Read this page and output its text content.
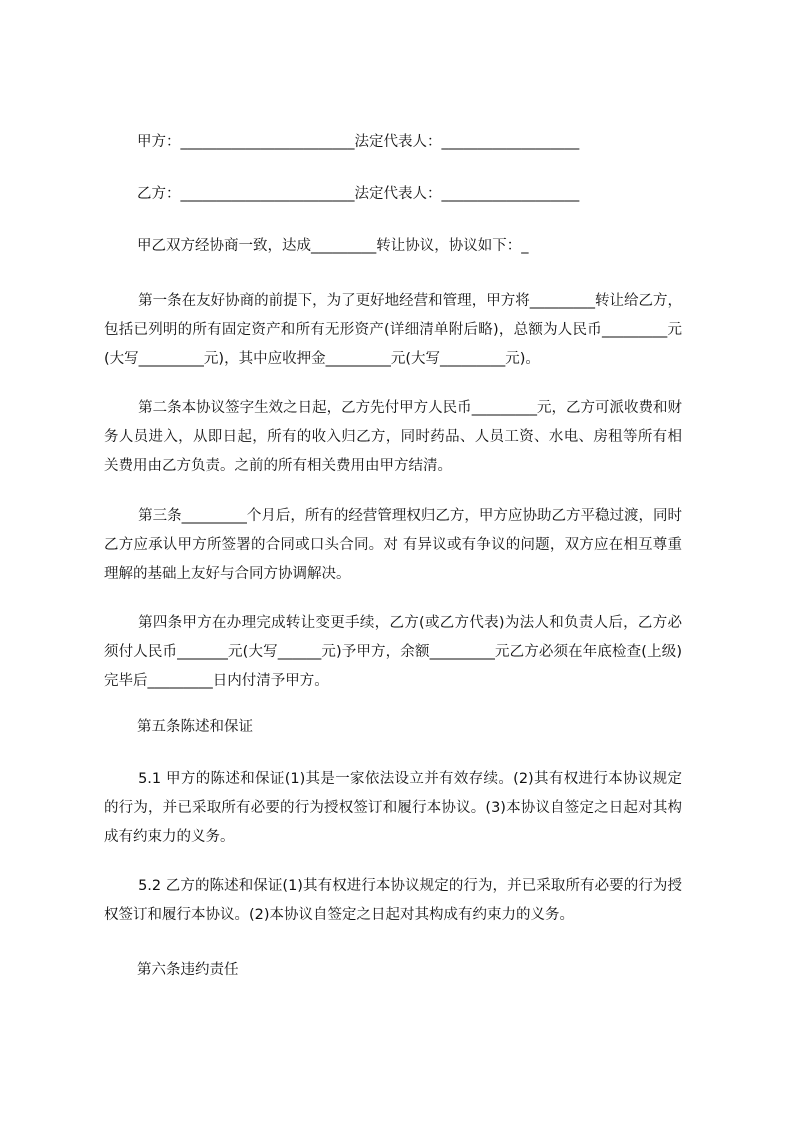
甲方：________________________法定代表人：___________________
乙方：________________________法定代表人：___________________
甲乙双方经协商一致，达成_________转让协议，协议如下：_
第一条在友好协商的前提下，为了更好地经营和管理，甲方将_________转让给乙方，包括已列明的所有固定资产和所有无形资产(详细清单附后略)，总额为人民币_________元(大写_________元)，其中应收押金_________元(大写_________元)。
第二条本协议签字生效之日起，乙方先付甲方人民币_________元，乙方可派收费和财务人员进入，从即日起，所有的收入归乙方，同时药品、人员工资、水电、房租等所有相关费用由乙方负责。之前的所有相关费用由甲方结清。
第三条_________个月后，所有的经营管理权归乙方，甲方应协助乙方平稳过渡，同时乙方应承认甲方所签署的合同或口头合同。对 有异议或有争议的问题，双方应在相互尊重理解的基础上友好与合同方协调解决。
第四条甲方在办理完成转让变更手续，乙方(或乙方代表)为法人和负责人后，乙方必须付人民币_______元(大写______元)予甲方，余额_________元乙方必须在年底检查(上级)完毕后_________日内付清予甲方。
第五条陈述和保证
5.1 甲方的陈述和保证(1)其是一家依法设立并有效存续。(2)其有权进行本协议规定的行为，并已采取所有必要的行为授权签订和履行本协议。(3)本协议自签定之日起对其构成有约束力的义务。
5.2 乙方的陈述和保证(1)其有权进行本协议规定的行为，并已采取所有必要的行为授权签订和履行本协议。(2)本协议自签定之日起对其构成有约束力的义务。
第六条违约责任
